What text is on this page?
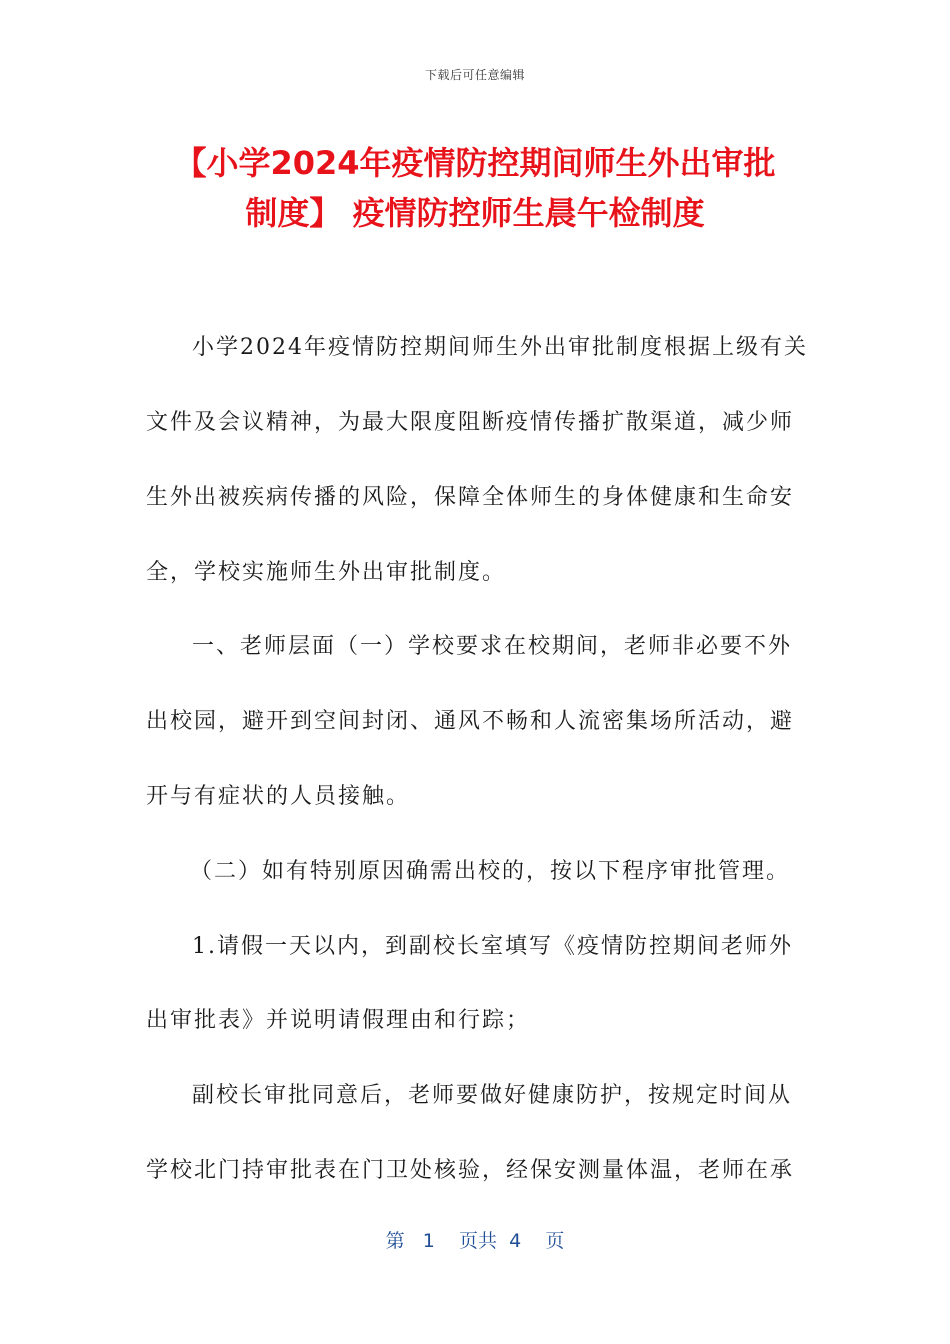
下载后可任意编辑
【小学2024年疫情防控期间师生外出审批
制度】 疫情防控师生晨午检制度

小学2024年疫情防控期间师生外出审批制度根据上级有关

文件及会议精神，为最大限度阻断疫情传播扩散渠道，减少师

生外出被疾病传播的风险，保障全体师生的身体健康和生命安

全，学校实施师生外出审批制度。

一、老师层面（一）学校要求在校期间，老师非必要不外

出校园，避开到空间封闭、通风不畅和人流密集场所活动，避

开与有症状的人员接触。

（二）如有特别原因确需出校的，按以下程序审批管理。

1.请假一天以内，到副校长室填写《疫情防控期间老师外

出审批表》并说明请假理由和行踪；

副校长审批同意后，老师要做好健康防护，按规定时间从

学校北门持审批表在门卫处核验，经保安测量体温，老师在承

第 1 页共 4 页
